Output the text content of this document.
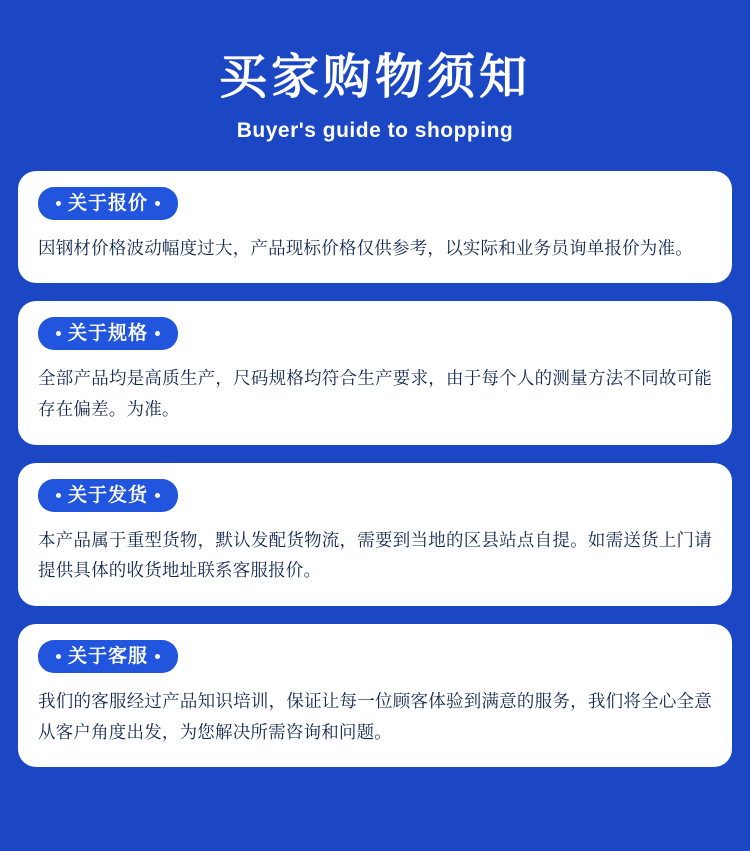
买家购物须知
Buyer's guide to shopping
关于报价
因钢材价格波动幅度过大，产品现标价格仅供参考，以实际和业务员询单报价为准。
关于规格
全部产品均是高质生产，尺码规格均符合生产要求，由于每个人的测量方法不同故可能存在偏差。为准。
关于发货
本产品属于重型货物，默认发配货物流，需要到当地的区县站点自提。如需送货上门请提供具体的收货地址联系客服报价。
关于客服
我们的客服经过产品知识培训，保证让每一位顾客体验到满意的服务，我们将全心全意从客户角度出发，为您解决所需咨询和问题。
